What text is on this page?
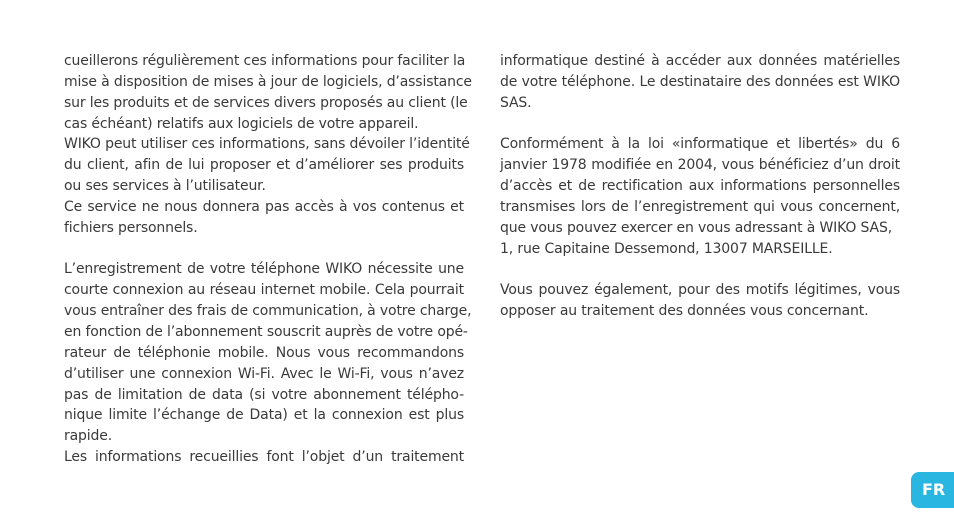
cueillerons régulièrement ces informations pour faciliter la
mise à disposition de mises à jour de logiciels, d’assistance
sur les produits et de services divers proposés au client (le
cas échéant) relatifs aux logiciels de votre appareil.
WIKO peut utiliser ces informations, sans dévoiler l’identité
du client, afin de lui proposer et d’améliorer ses produits
ou ses services à l’utilisateur.
Ce service ne nous donnera pas accès à vos contenus et
fichiers personnels.
L’enregistrement de votre téléphone WIKO nécessite une
courte connexion au réseau internet mobile. Cela pourrait
vous entraîner des frais de communication, à votre charge,
en fonction de l’abonnement souscrit auprès de votre opé-
rateur de téléphonie mobile. Nous vous recommandons
d’utiliser une connexion Wi-Fi. Avec le Wi-Fi, vous n’avez
pas de limitation de data (si votre abonnement télépho-
nique limite l’échange de Data) et la connexion est plus
rapide.
Les informations recueillies font l’objet d’un traitement
informatique destiné à accéder aux données matérielles
de votre téléphone. Le destinataire des données est WIKO
SAS.
Conformément à la loi «informatique et libertés» du 6
janvier 1978 modifiée en 2004, vous bénéficiez d’un droit
d’accès et de rectification aux informations personnelles
transmises lors de l’enregistrement qui vous concernent,
que vous pouvez exercer en vous adressant à WIKO SAS,
1, rue Capitaine Dessemond, 13007 MARSEILLE.
Vous pouvez également, pour des motifs légitimes, vous
opposer au traitement des données vous concernant.
FR
